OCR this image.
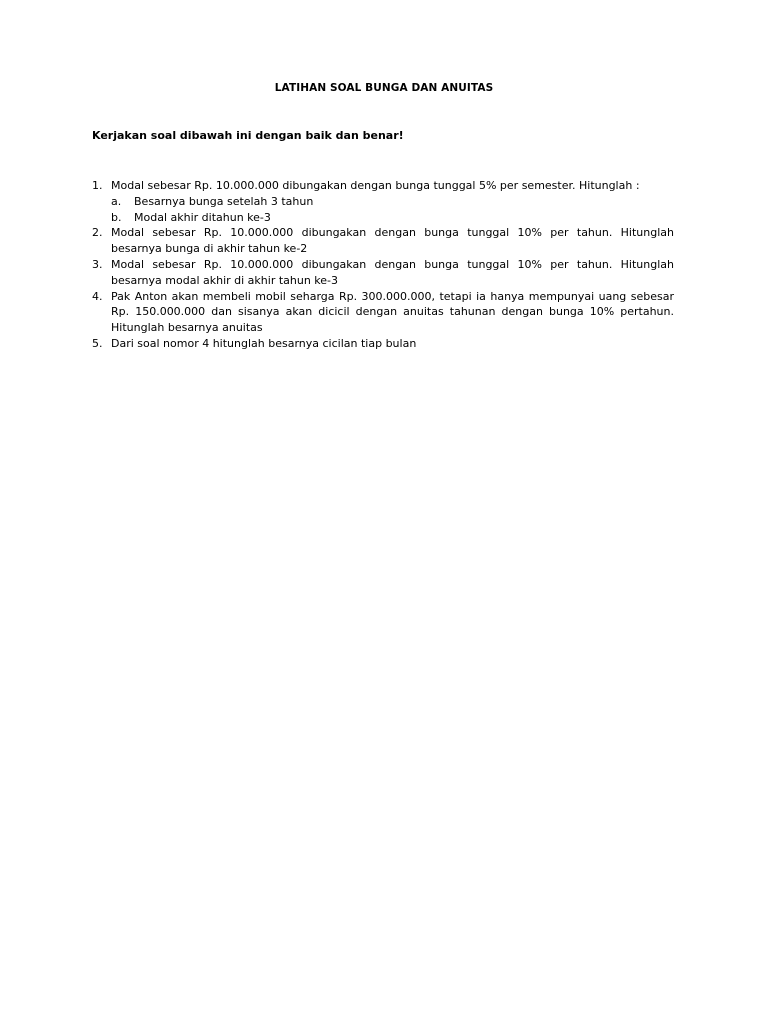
LATIHAN SOAL BUNGA DAN ANUITAS

Kerjakan soal dibawah ini dengan baik dan benar!

1. Modal sebesar Rp. 10.000.000 dibungakan dengan bunga tunggal 5% per semester. Hitunglah :
a. Besarnya bunga setelah 3 tahun
b. Modal akhir ditahun ke-3
2. Modal sebesar Rp. 10.000.000 dibungakan dengan bunga tunggal 10% per tahun. Hitunglah besarnya bunga di akhir tahun ke-2
3. Modal sebesar Rp. 10.000.000 dibungakan dengan bunga tunggal 10% per tahun. Hitunglah besarnya modal akhir di akhir tahun ke-3
4. Pak Anton akan membeli mobil seharga Rp. 300.000.000, tetapi ia hanya mempunyai uang sebesar Rp. 150.000.000 dan sisanya akan dicicil dengan anuitas tahunan dengan bunga 10% pertahun. Hitunglah besarnya anuitas
5. Dari soal nomor 4 hitunglah besarnya cicilan tiap bulan
